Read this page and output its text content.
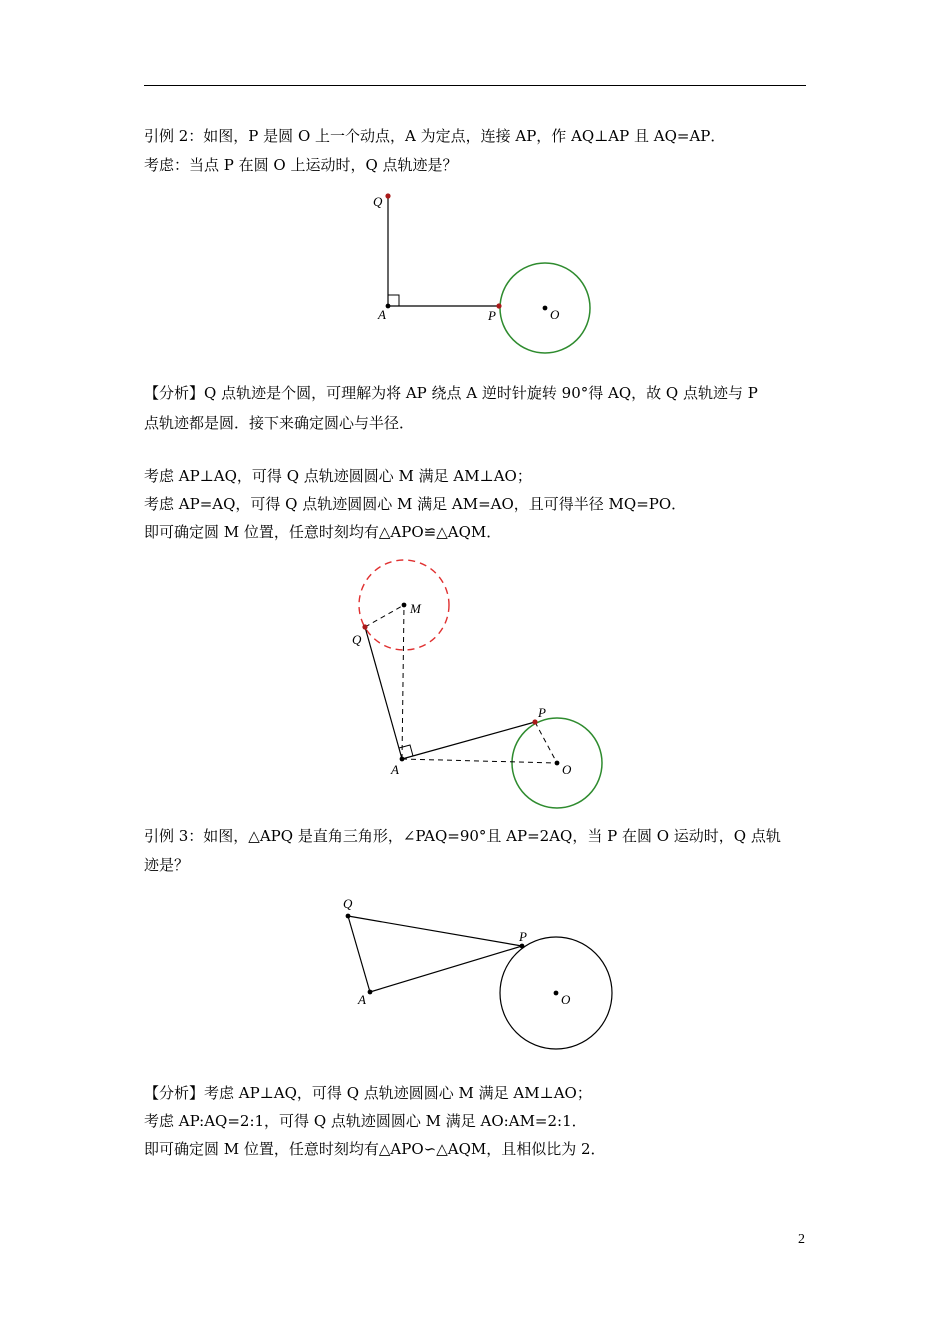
引例 2：如图，P 是圆 O 上一个动点，A 为定点，连接 AP，作 AQ⊥AP 且 AQ=AP．
考虑：当点 P 在圆 O 上运动时，Q 点轨迹是？
Q
A	P	O
M
Q
P
A	O
Q
P
A	O
【分析】Q 点轨迹是个圆，可理解为将 AP 绕点 A 逆时针旋转 90°得 AQ，故 Q 点轨迹与 P
点轨迹都是圆．接下来确定圆心与半径．
考虑 AP⊥AQ，可得 Q 点轨迹圆圆心 M 满足 AM⊥AO；
考虑 AP=AQ，可得 Q 点轨迹圆圆心 M 满足 AM=AO，且可得半径 MQ=PO．
即可确定圆 M 位置，任意时刻均有△APO≌△AQM．
引例 3：如图，△APQ 是直角三角形，∠PAQ=90°且 AP=2AQ，当 P 在圆 O 运动时，Q 点轨
迹是？
【分析】考虑 AP⊥AQ，可得 Q 点轨迹圆圆心 M 满足 AM⊥AO；
考虑 AP:AQ=2:1，可得 Q 点轨迹圆圆心 M 满足 AO:AM=2:1．
即可确定圆 M 位置，任意时刻均有△APO∽△AQM，且相似比为 2．
2
